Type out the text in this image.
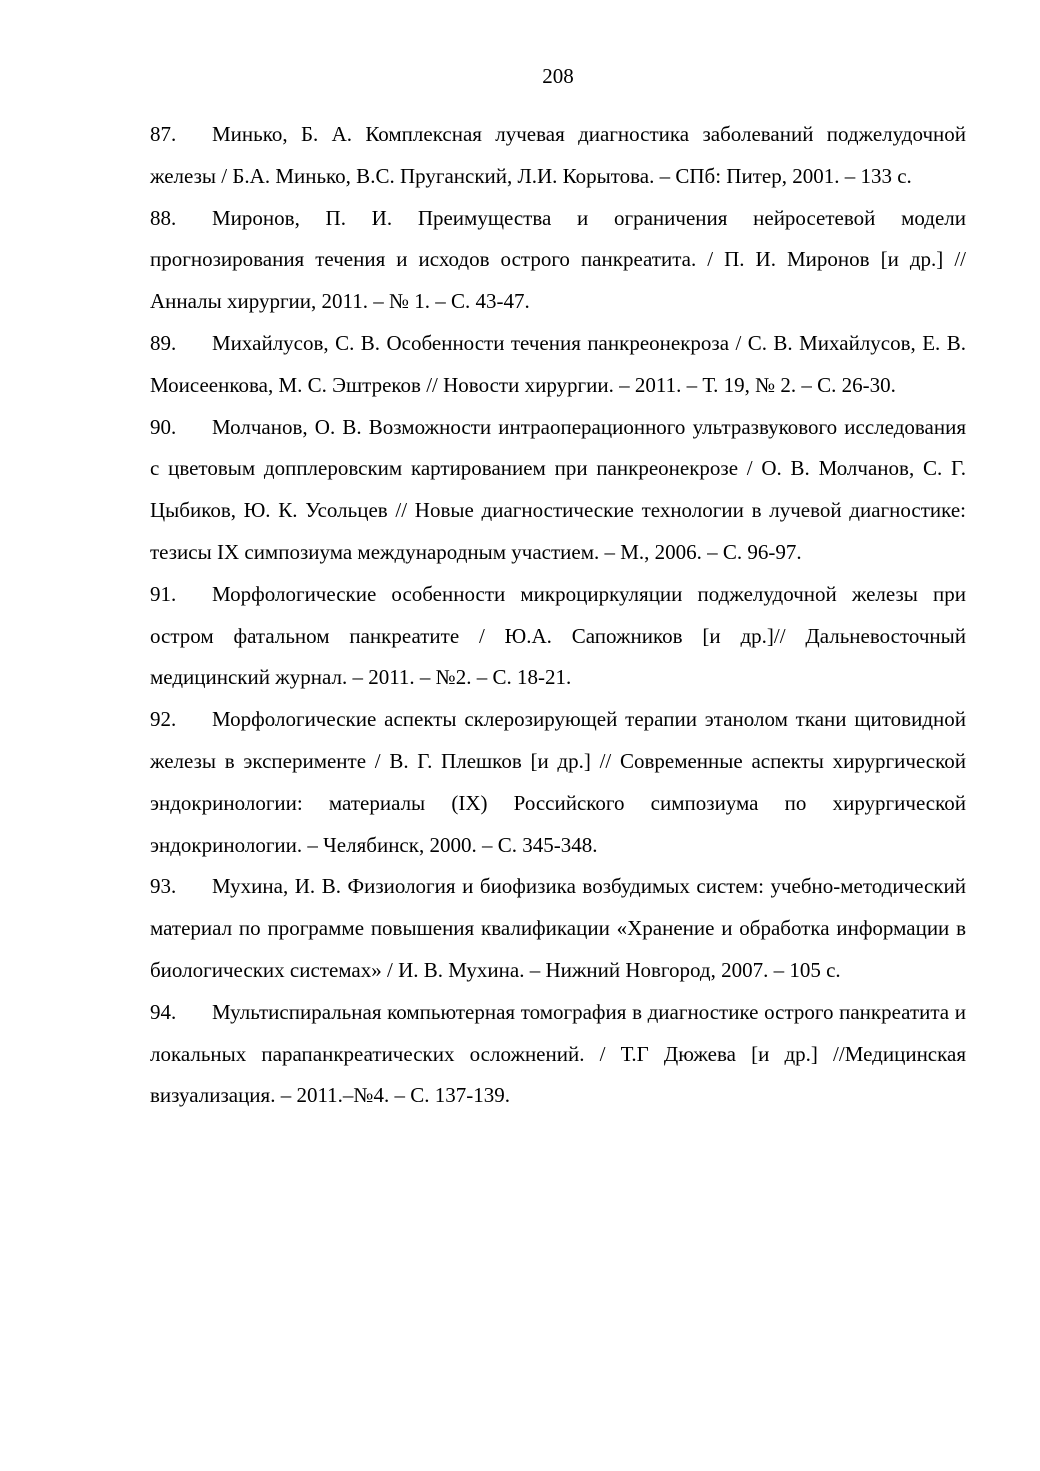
208
87. Минько, Б. А. Комплексная лучевая диагностика заболеваний поджелудочной железы / Б.А. Минько, В.С. Пруганский, Л.И. Корытова. – СПб: Питер, 2001. – 133 с.
88. Миронов, П. И. Преимущества и ограничения нейросетевой модели прогнозирования течения и исходов острого панкреатита. / П. И. Миронов [и др.] // Анналы хирургии, 2011. – № 1. – С. 43-47.
89. Михайлусов, С. В. Особенности течения панкреонекроза / С. В. Михайлусов, Е. В. Моисеенкова, М. С. Эштреков // Новости хирургии. – 2011. – Т. 19, № 2. – С. 26-30.
90. Молчанов, О. В. Возможности интраоперационного ультразвукового исследования с цветовым допплеровским картированием при панкреонекрозе / О. В. Молчанов, С. Г. Цыбиков, Ю. К. Усольцев // Новые диагностические технологии в лучевой диагностике: тезисы IX симпозиума международным участием. – М., 2006. – С. 96-97.
91. Морфологические особенности микроциркуляции поджелудочной железы при остром фатальном панкреатите / Ю.А. Сапожников [и др.]// Дальневосточный медицинский журнал. – 2011. – №2. – С. 18-21.
92. Морфологические аспекты склерозирующей терапии этанолом ткани щитовидной железы в эксперименте / В. Г. Плешков [и др.] // Современные аспекты хирургической эндокринологии: материалы (IX) Российского симпозиума по хирургической эндокринологии. – Челябинск, 2000. – С. 345-348.
93. Мухина, И. В. Физиология и биофизика возбудимых систем: учебно-методический материал по программе повышения квалификации «Хранение и обработка информации в биологических системах» / И. В. Мухина. – Нижний Новгород, 2007. – 105 с.
94. Мультиспиральная компьютерная томография в диагностике острого панкреатита и локальных парапанкреатических осложнений. / Т.Г Дюжева [и др.] //Медицинская визуализация. – 2011.–№4. – С. 137-139.
